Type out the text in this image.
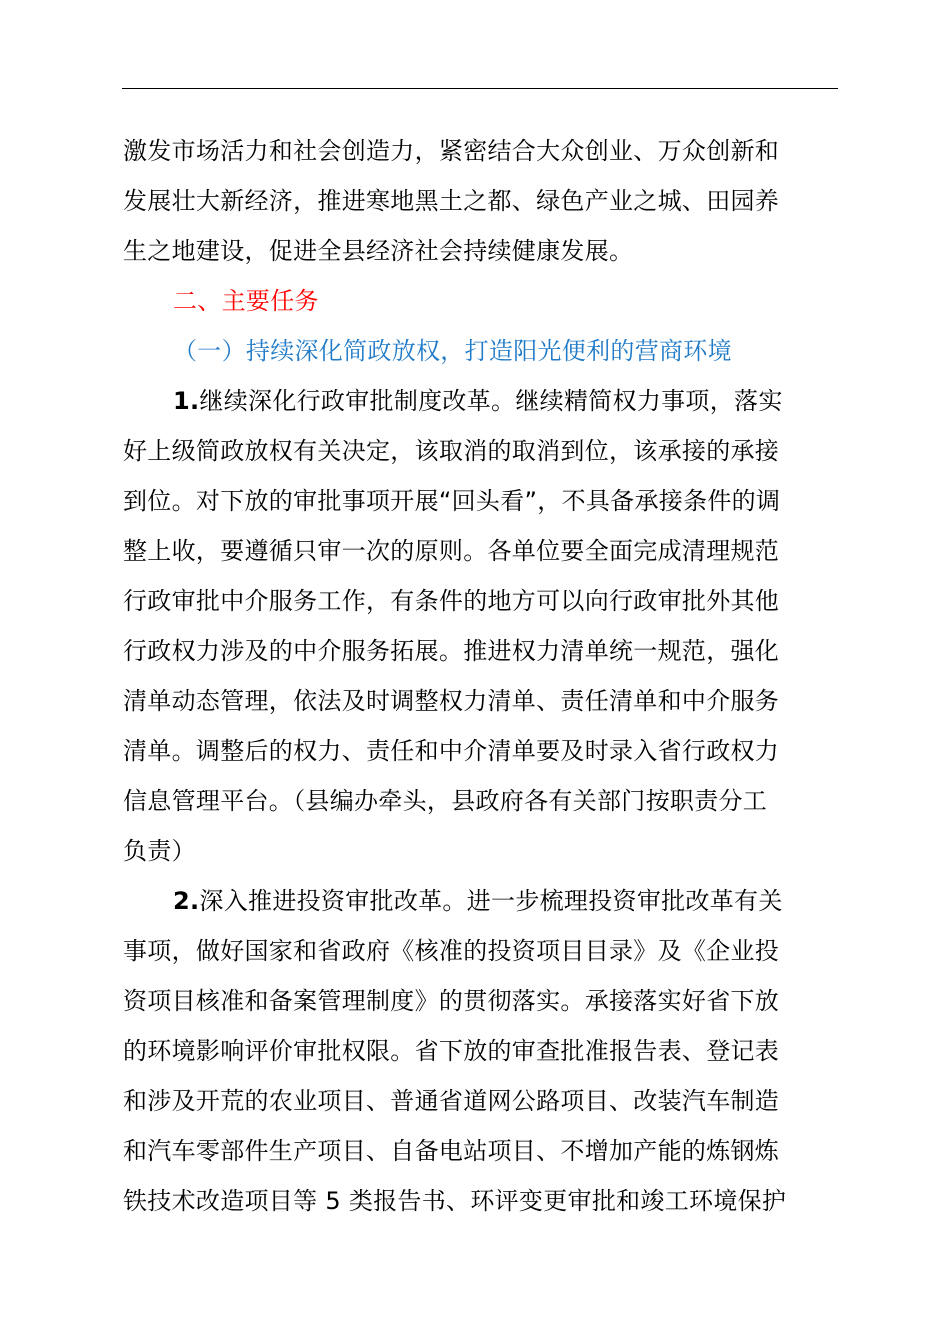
激发市场活力和社会创造力，紧密结合大众创业、万众创新和
发展壮大新经济，推进寒地黑土之都、绿色产业之城、田园养
生之地建设，促进全县经济社会持续健康发展。
二、主要任务
（一）持续深化简政放权，打造阳光便利的营商环境
1.继续深化行政审批制度改革。继续精简权力事项，落实
好上级简政放权有关决定，该取消的取消到位，该承接的承接
到位。对下放的审批事项开展“回头看”，不具备承接条件的调
整上收，要遵循只审一次的原则。各单位要全面完成清理规范
行政审批中介服务工作，有条件的地方可以向行政审批外其他
行政权力涉及的中介服务拓展。推进权力清单统一规范，强化
清单动态管理，依法及时调整权力清单、责任清单和中介服务
清单。调整后的权力、责任和中介清单要及时录入省行政权力
信息管理平台。（县编办牵头，县政府各有关部门按职责分工
负责）
2.深入推进投资审批改革。进一步梳理投资审批改革有关
事项，做好国家和省政府《核准的投资项目目录》及《企业投
资项目核准和备案管理制度》的贯彻落实。承接落实好省下放
的环境影响评价审批权限。省下放的审查批准报告表、登记表
和涉及开荒的农业项目、普通省道网公路项目、改装汽车制造
和汽车零部件生产项目、自备电站项目、不增加产能的炼钢炼
铁技术改造项目等 5 类报告书、环评变更审批和竣工环境保护
